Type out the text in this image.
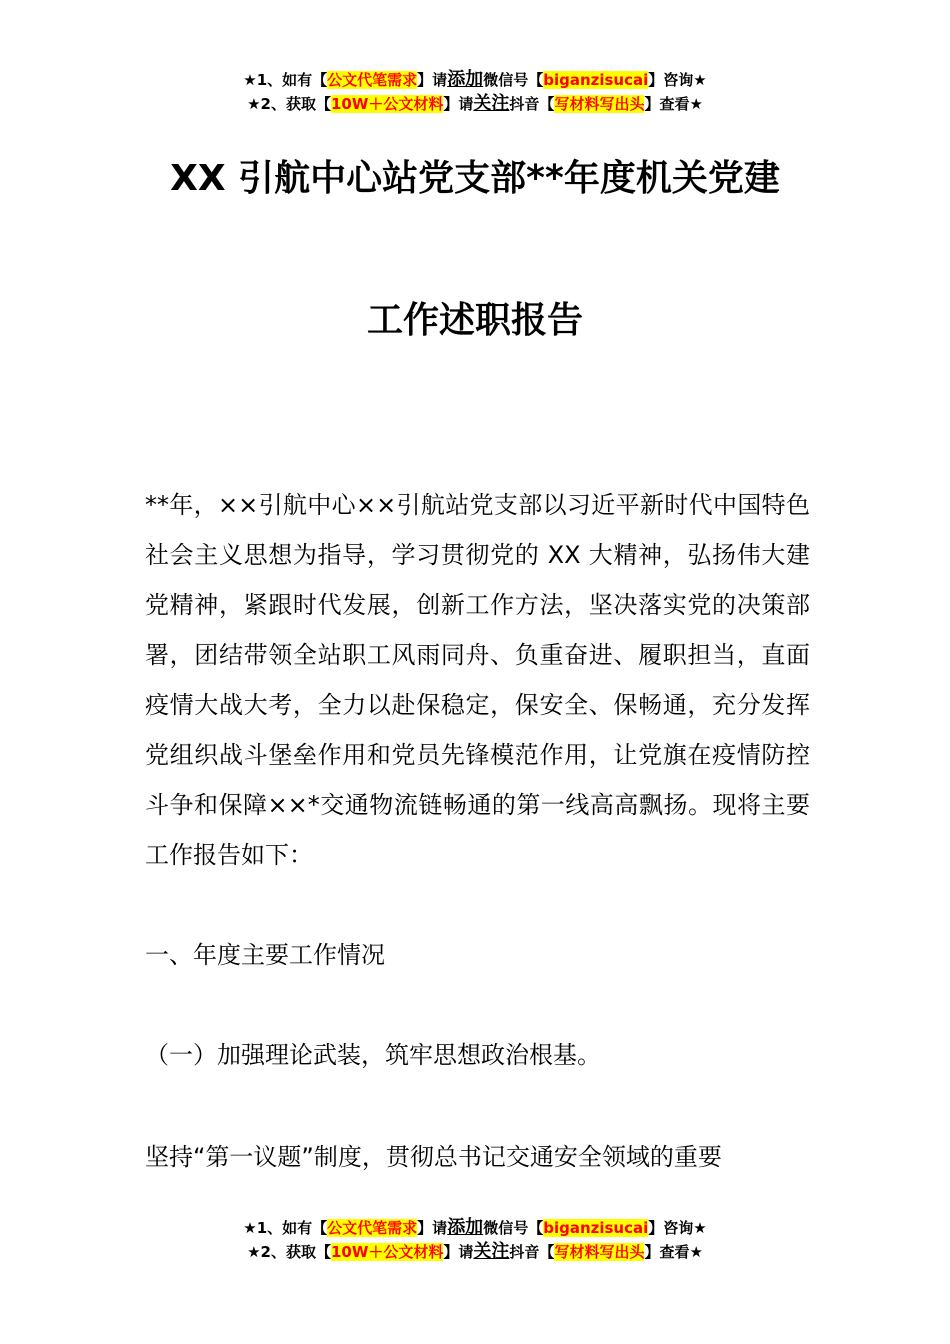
★1、如有【公文代笔需求】请添加微信号【biganzisucai】咨询★
★2、获取【10W＋公文材料】请关注抖音【写材料写出头】查看★
XX 引航中心站党支部**年度机关党建
工作述职报告
**年，××引航中心××引航站党支部以习近平新时代中国特色社会主义思想为指导，学习贯彻党的 XX 大精神，弘扬伟大建党精神，紧跟时代发展，创新工作方法，坚决落实党的决策部署，团结带领全站职工风雨同舟、负重奋进、履职担当，直面疫情大战大考，全力以赴保稳定，保安全、保畅通，充分发挥党组织战斗堡垒作用和党员先锋模范作用，让党旗在疫情防控斗争和保障××*交通物流链畅通的第一线高高飘扬。现将主要工作报告如下：
一、年度主要工作情况
（一）加强理论武装，筑牢思想政治根基。
坚持“第一议题”制度，贯彻总书记交通安全领域的重要
★1、如有【公文代笔需求】请添加微信号【biganzisucai】咨询★
★2、获取【10W＋公文材料】请关注抖音【写材料写出头】查看★
